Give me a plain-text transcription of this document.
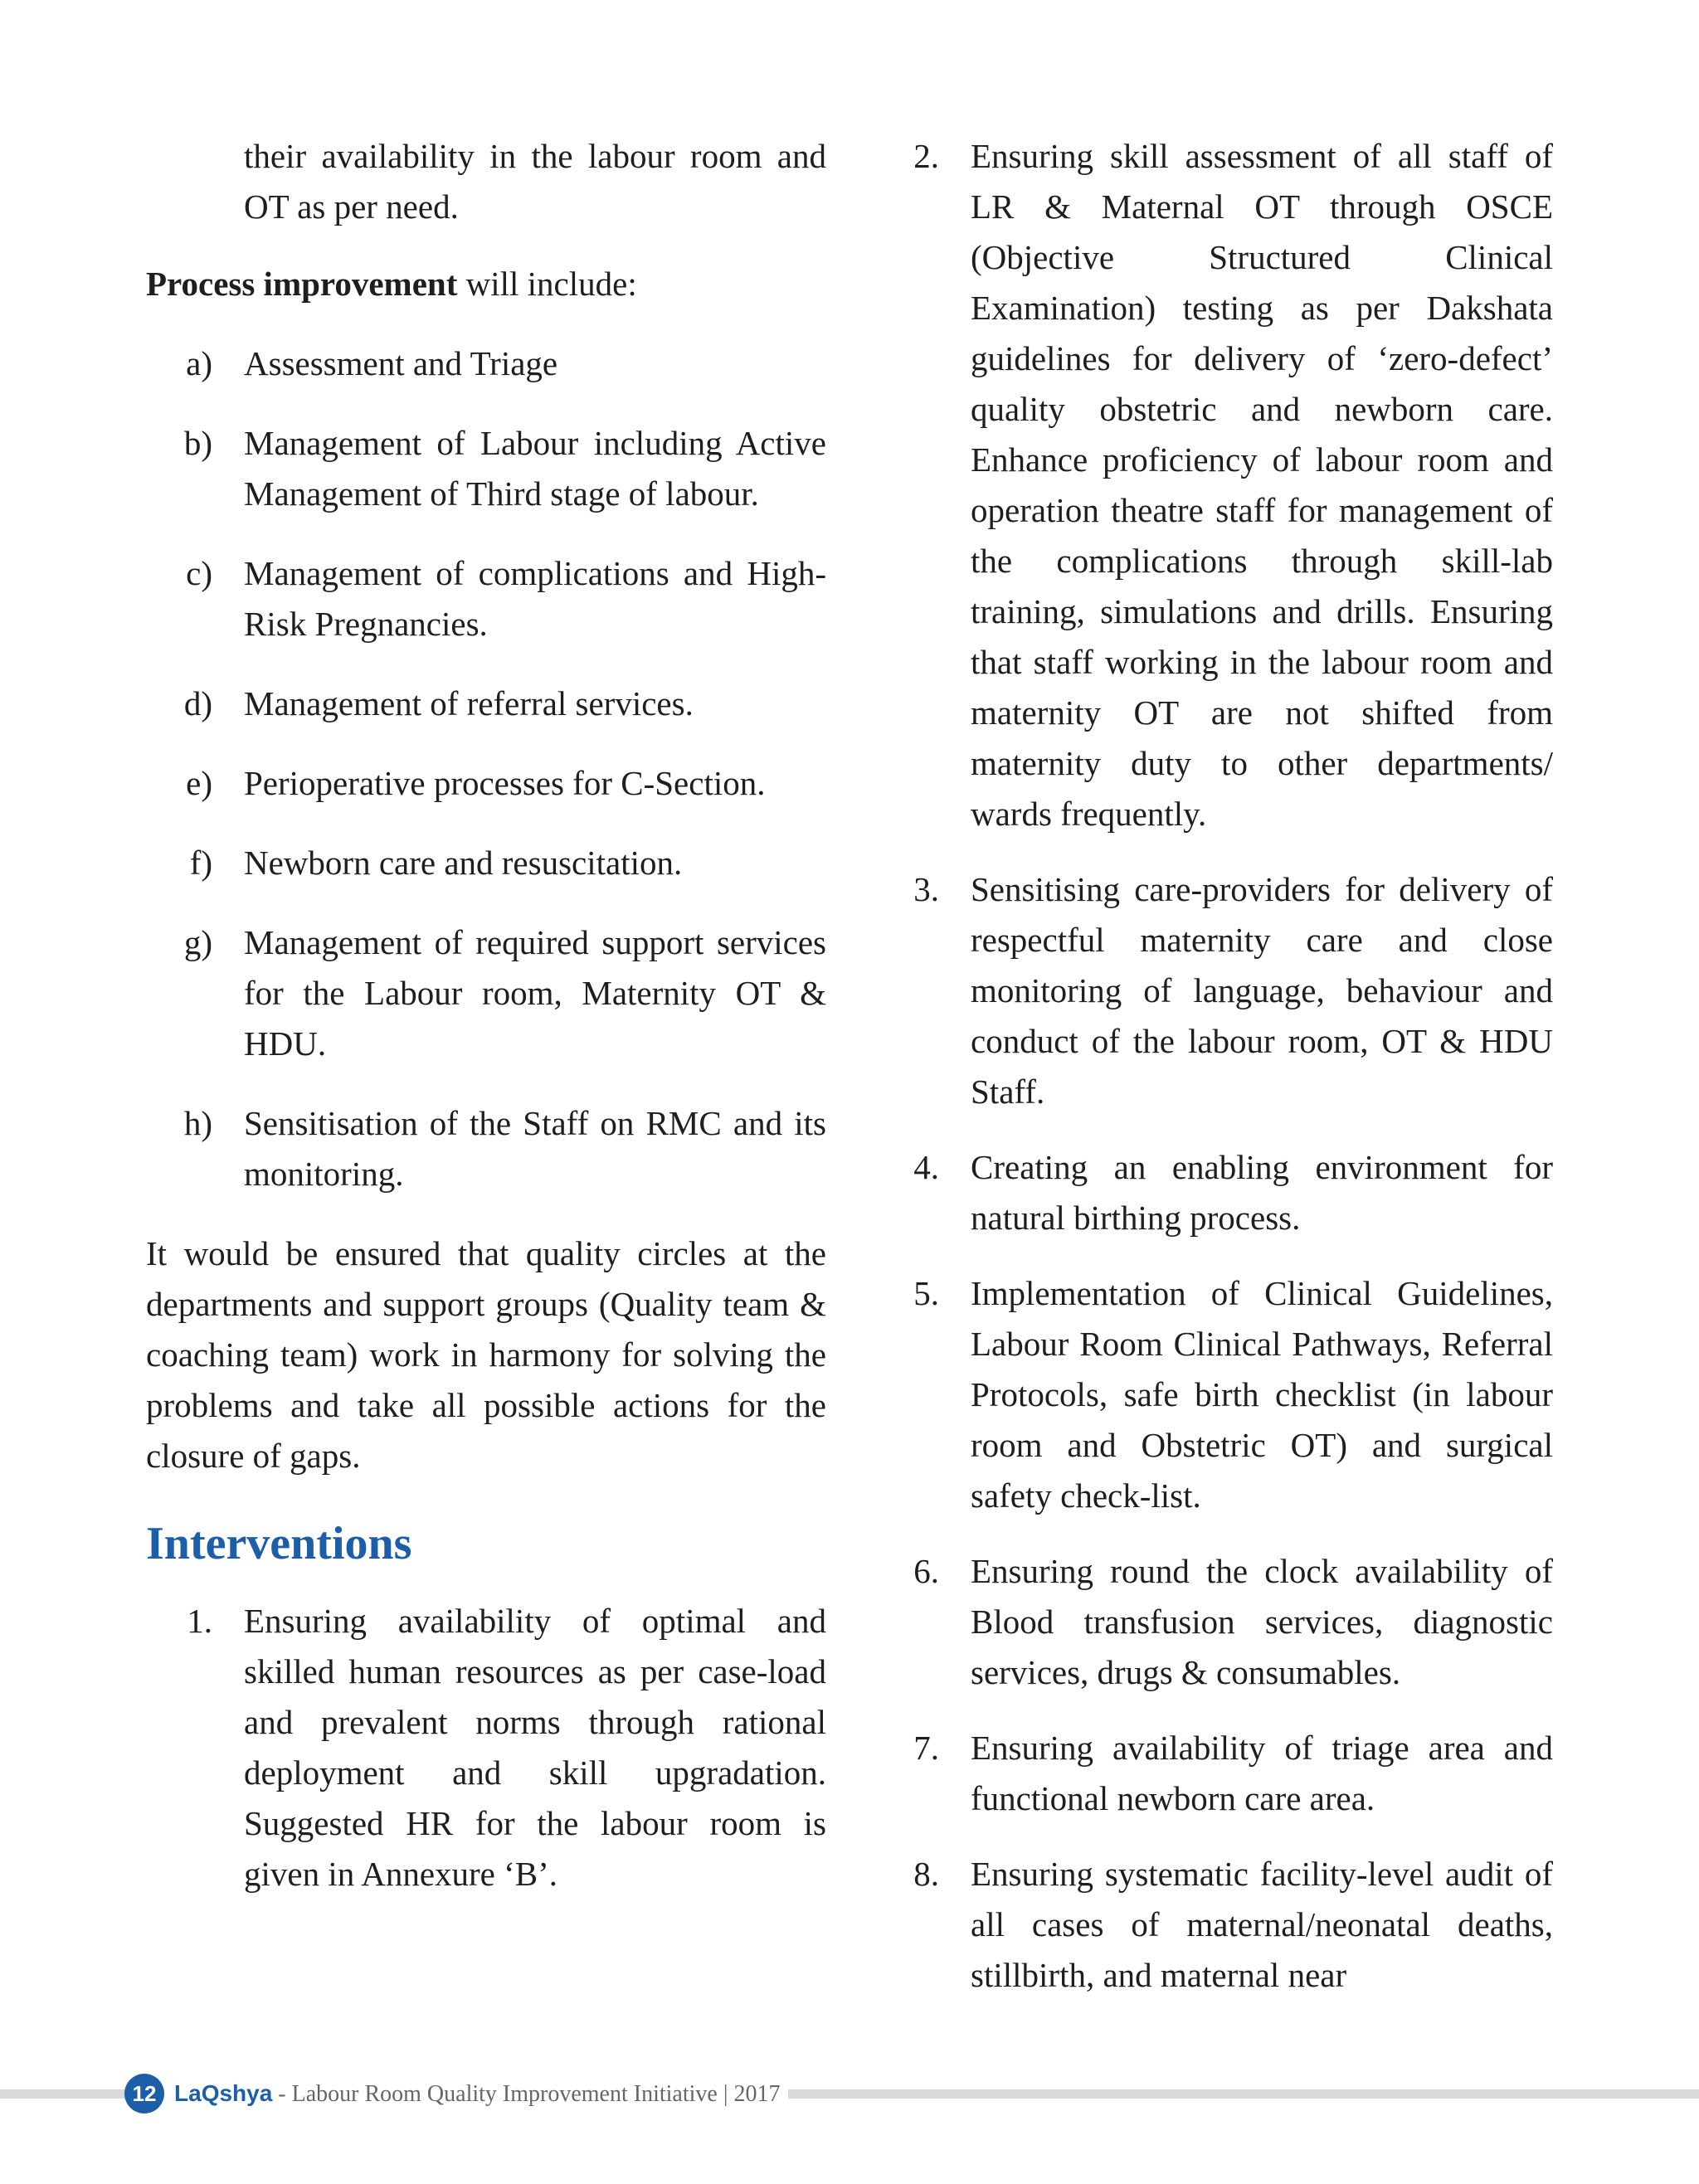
their availability in the labour room and OT as per need.

Process improvement will include:

a) Assessment and Triage
b) Management of Labour including Active Management of Third stage of labour.
c) Management of complications and High-Risk Pregnancies.
d) Management of referral services.
e) Perioperative processes for C-Section.
f) Newborn care and resuscitation.
g) Management of required support services for the Labour room, Maternity OT & HDU.
h) Sensitisation of the Staff on RMC and its monitoring.

It would be ensured that quality circles at the departments and support groups (Quality team & coaching team) work in harmony for solving the problems and take all possible actions for the closure of gaps.

Interventions
1. Ensuring availability of optimal and skilled human resources as per case-load and prevalent norms through rational deployment and skill upgradation. Suggested HR for the labour room is given in Annexure ‘B’.
2. Ensuring skill assessment of all staff of LR & Maternal OT through OSCE (Objective Structured Clinical Examination) testing as per Dakshata guidelines for delivery of ‘zero-defect’ quality obstetric and newborn care. Enhance proficiency of labour room and operation theatre staff for management of the complications through skill-lab training, simulations and drills. Ensuring that staff working in the labour room and maternity OT are not shifted from maternity duty to other departments/ wards frequently.
3. Sensitising care-providers for delivery of respectful maternity care and close monitoring of language, behaviour and conduct of the labour room, OT & HDU Staff.
4. Creating an enabling environment for natural birthing process.
5. Implementation of Clinical Guidelines, Labour Room Clinical Pathways, Referral Protocols, safe birth checklist (in labour room and Obstetric OT) and surgical safety check-list.
6. Ensuring round the clock availability of Blood transfusion services, diagnostic services, drugs & consumables.
7. Ensuring availability of triage area and functional newborn care area.
8. Ensuring systematic facility-level audit of all cases of maternal/neonatal deaths, stillbirth, and maternal near
12 LaQshya - Labour Room Quality Improvement Initiative | 2017
